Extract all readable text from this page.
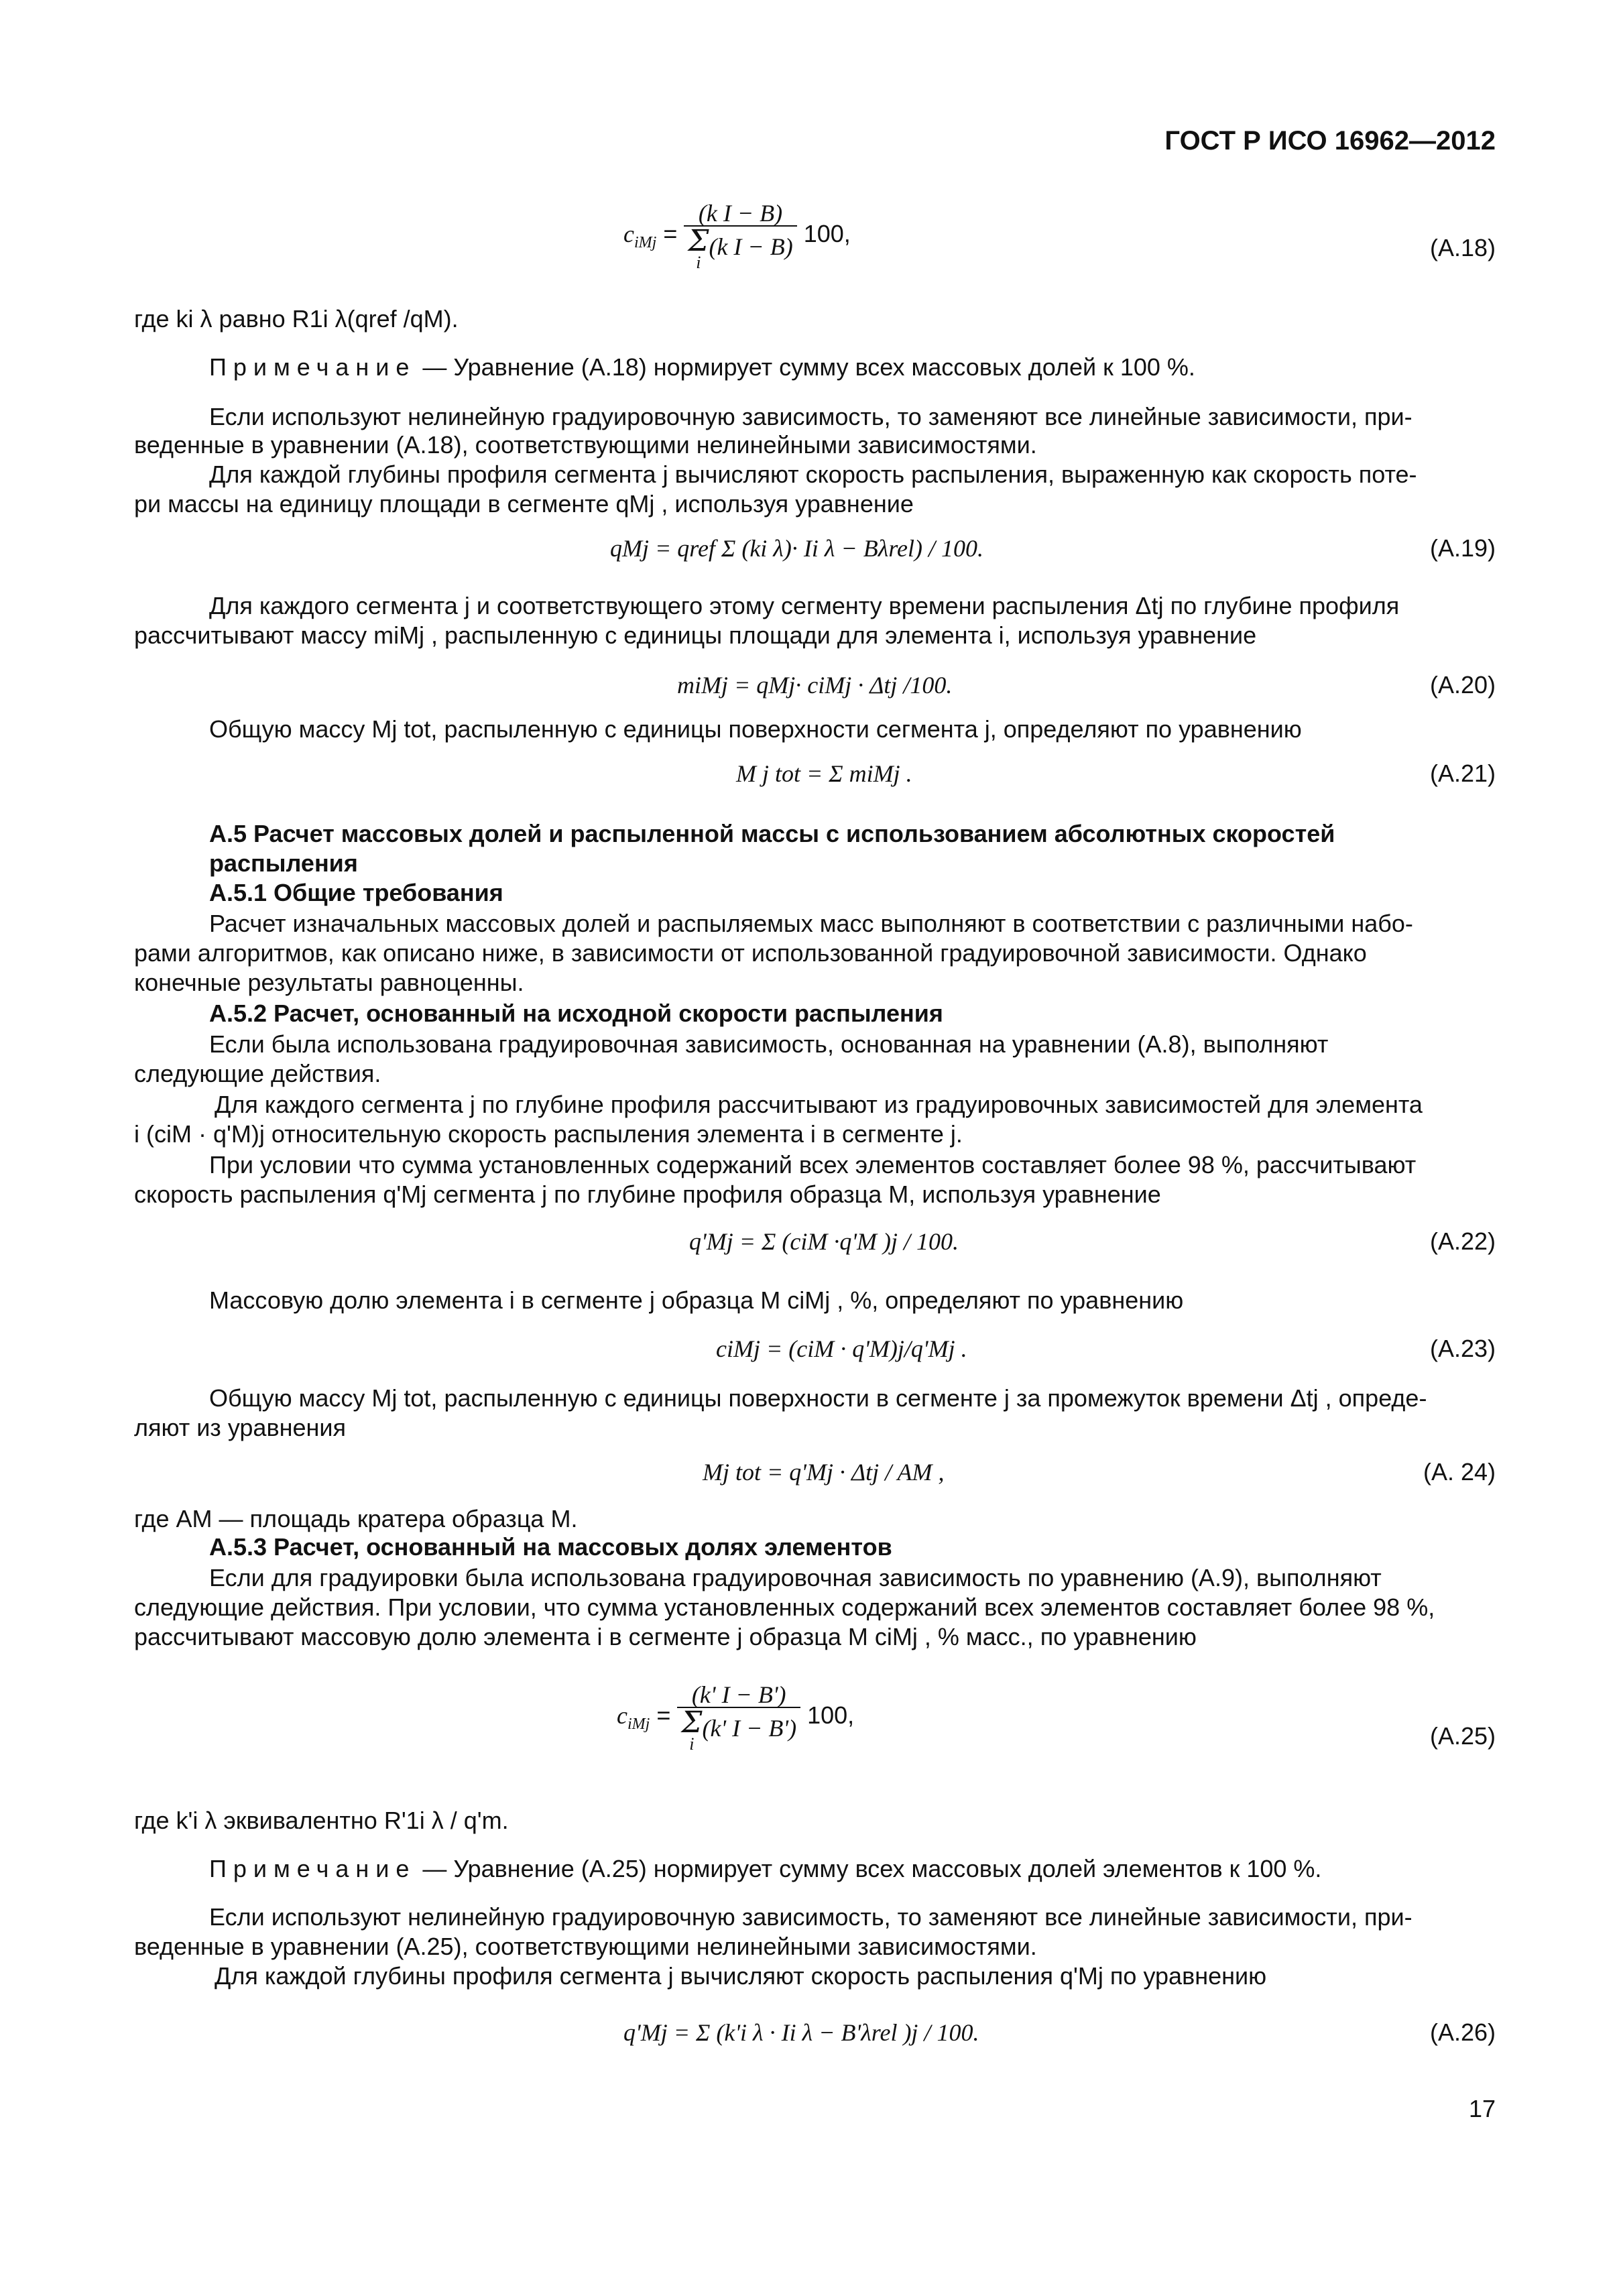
ГОСТ Р ИСО 16962—2012
$c_{iMj} = (k$ I − B)
Σ
i
(k I − B) 100,
(А.18)
где ki λ равно R1i λ(qref /qM).
Примечание — Уравнение (А.18) нормирует сумму всех массовых долей к 100 %.
Если используют нелинейную градуировочную зависимость, то заменяют все линейные зависимости, при-
веденные в уравнении (А.18), соответствующими нелинейными зависимостями.
Для каждой глубины профиля сегмента j вычисляют скорость распыления, выраженную как скорость поте-
ри массы на единицу площади в сегменте qMj , используя уравнение
qMj = qref Σ (ki λ)· Ii λ − Bλrel) / 100.	(А.19)
Для каждого сегмента j и соответствующего этому сегменту времени распыления Δtj по глубине профиля
рассчитывают массу miMj , распыленную с единицы площади для элемента i, используя уравнение
miMj = qMj· ciMj · Δtj /100.	(А.20)
Общую массу Mj tot, распыленную с единицы поверхности сегмента j, определяют по уравнению
M j tot = Σ miMj .	(А.21)
А.5 Расчет массовых долей и распыленной массы с использованием абсолютных скоростей
распыления
А.5.1 Общие требования
Расчет изначальных массовых долей и распыляемых масс выполняют в соответствии с различными набо-
рами алгоритмов, как описано ниже, в зависимости от использованной градуировочной зависимости. Однако
конечные результаты равноценны.
А.5.2 Расчет, основанный на исходной скорости распыления
Если была использована градуировочная зависимость, основанная на уравнении (А.8), выполняют
следующие действия.
Для каждого сегмента j по глубине профиля рассчитывают из градуировочных зависимостей для элемента
i (ciM · q'M)j относительную скорость распыления элемента i в сегменте j.
При условии что сумма установленных содержаний всех элементов составляет более 98 %, рассчитывают
скорость распыления q'Mj сегмента j по глубине профиля образца M, используя уравнение
q'Mj = Σ (ciM ·q'M )j / 100.	(А.22)
Массовую долю элемента i в сегменте j образца M ciMj , %, определяют по уравнению
ciMj = (ciM · q'M)j/q'Mj .	(А.23)
Общую массу Mj tot, распыленную с единицы поверхности в сегменте j за промежуток времени Δtj , опреде-
ляют из уравнения
Mj tot = q'Mj · Δtj / AM ,	(А. 24)
где AM — площадь кратера образца M.
А.5.3 Расчет, основанный на массовых долях элементов
Если для градуировки была использована градуировочная зависимость по уравнению (А.9), выполняют
следующие действия. При условии, что сумма установленных содержаний всех элементов составляет более 98 %,
рассчитывают массовую долю элемента i в сегменте j образца M ciMj , % масс., по уравнению
$c_{iMj} = (k'$ I − B')
Σ
i
(k' I − B') 100,
(А.25)
где k'i λ эквивалентно R'1i λ / q'm.
Примечание — Уравнение (А.25) нормирует сумму всех массовых долей элементов к 100 %.
Если используют нелинейную градуировочную зависимость, то заменяют все линейные зависимости, при-
веденные в уравнении (А.25), соответствующими нелинейными зависимостями.
Для каждой глубины профиля сегмента j вычисляют скорость распыления q'Mj по уравнению
q'Mj = Σ (k'i λ · Ii λ − B'λrel )j / 100.	(А.26)
17
